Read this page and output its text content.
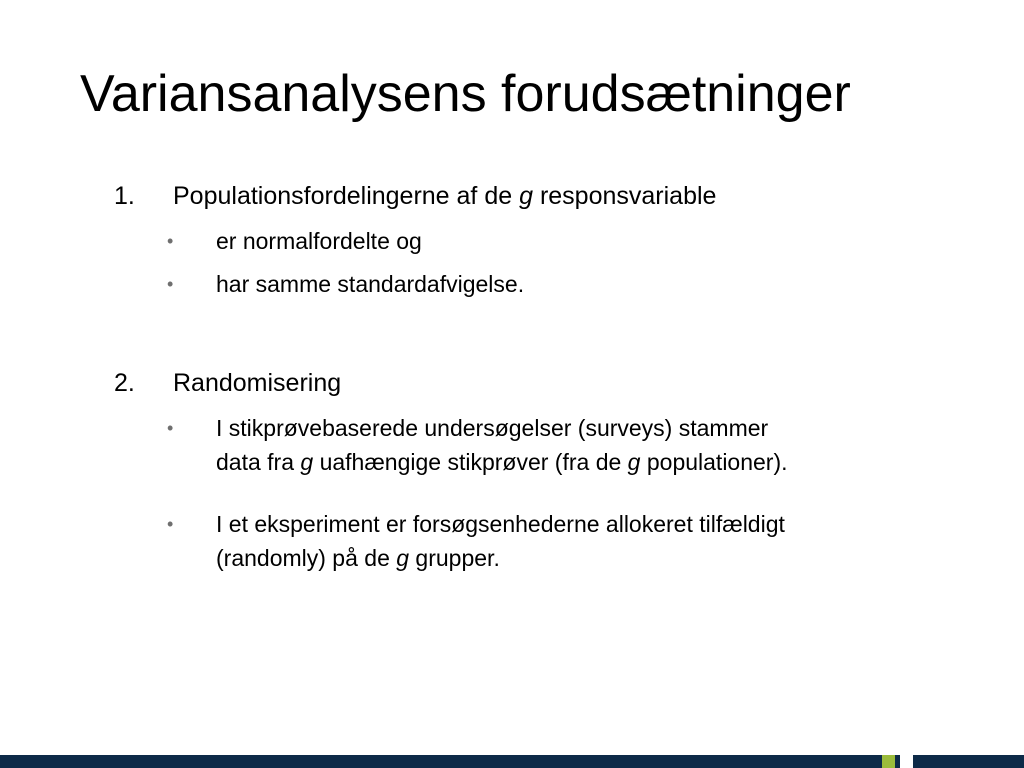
Variansanalysens forudsætninger
1. Populationsfordelingerne af de g responsvariable
• er normalfordelte og
• har samme standardafvigelse.
2. Randomisering
• I stikprøvebaserede undersøgelser (surveys) stammer
data fra g uafhængige stikprøver (fra de g populationer).
• I et eksperiment er forsøgsenhederne allokeret tilfældigt
(randomly) på de g grupper.
